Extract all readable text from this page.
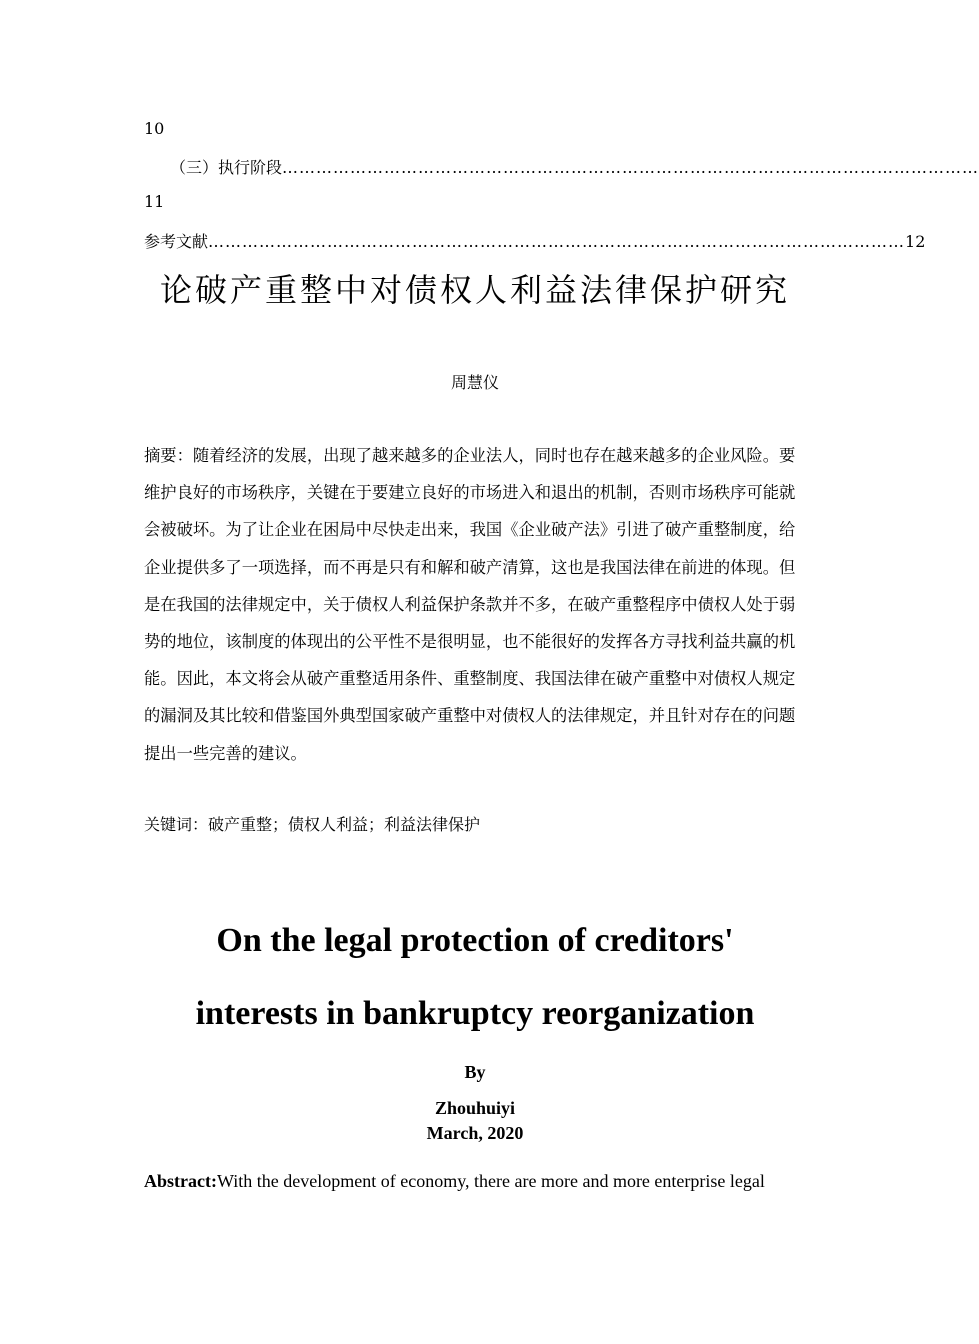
10
（三）执行阶段 ……………………………………………………………………………………………………………
11
参考文献 …………………………………………………………………………………………………………… 12
论破产重整中对债权人利益法律保护研究
周慧仪
摘要：随着经济的发展，出现了越来越多的企业法人，同时也存在越来越多的企业风险。要维护良好的市场秩序，关键在于要建立良好的市场进入和退出的机制，否则市场秩序可能就会被破坏。为了让企业在困局中尽快走出来，我国《企业破产法》引进了破产重整制度，给企业提供多了一项选择，而不再是只有和解和破产清算，这也是我国法律在前进的体现。但是在我国的法律规定中，关于债权人利益保护条款并不多，在破产重整程序中债权人处于弱势的地位，该制度的体现出的公平性不是很明显，也不能很好的发挥各方寻找利益共赢的机能。因此，本文将会从破产重整适用条件、重整制度、我国法律在破产重整中对债权人规定的漏洞及其比较和借鉴国外典型国家破产重整中对债权人的法律规定，并且针对存在的问题提出一些完善的建议。
关键词：破产重整；债权人利益；利益法律保护
On the legal protection of creditors'
interests in bankruptcy reorganization
By
Zhouhuiyi
March, 2020
Abstract:With the development of economy, there are more and more enterprise legal
